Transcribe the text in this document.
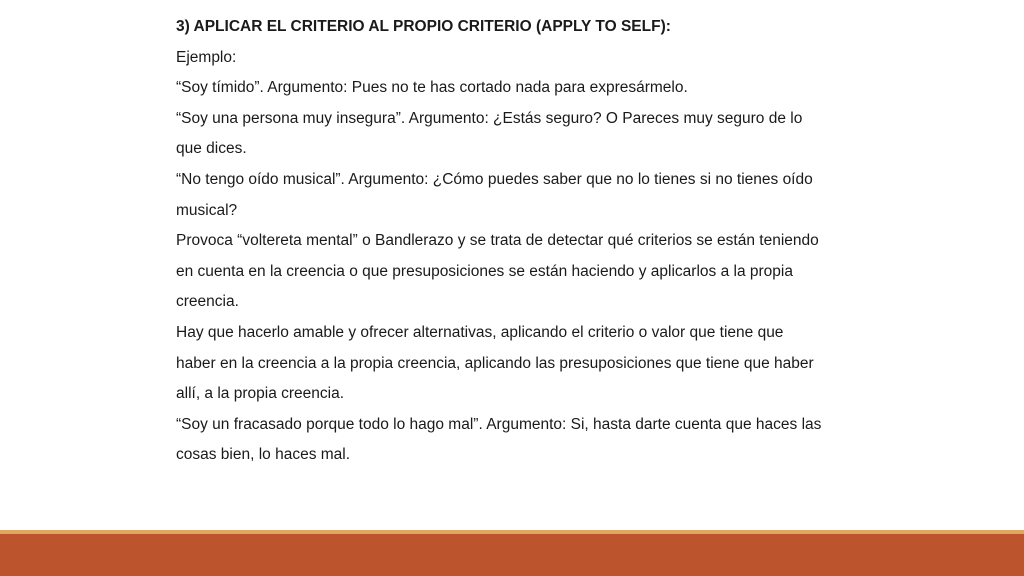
3) APLICAR EL CRITERIO AL PROPIO CRITERIO (APPLY TO SELF):

Ejemplo:

“Soy tímido”. Argumento: Pues no te has cortado nada para expresármelo.

“Soy una persona muy insegura”. Argumento: ¿Estás seguro? O Pareces muy seguro de lo que dices.

“No tengo oído musical”. Argumento: ¿Cómo puedes saber que no lo tienes si no tienes oído musical?

Provoca “voltereta mental” o Bandlerazo y se trata de detectar qué criterios se están teniendo en cuenta en la creencia o que presuposiciones se están haciendo y aplicarlos a la propia creencia.

Hay que hacerlo amable y ofrecer alternativas, aplicando el criterio o valor que tiene que haber en la creencia a la propia creencia, aplicando las presuposiciones que tiene que haber allí, a la propia creencia.

“Soy un fracasado porque todo lo hago mal”. Argumento: Si, hasta darte cuenta que haces las cosas bien, lo haces mal.
